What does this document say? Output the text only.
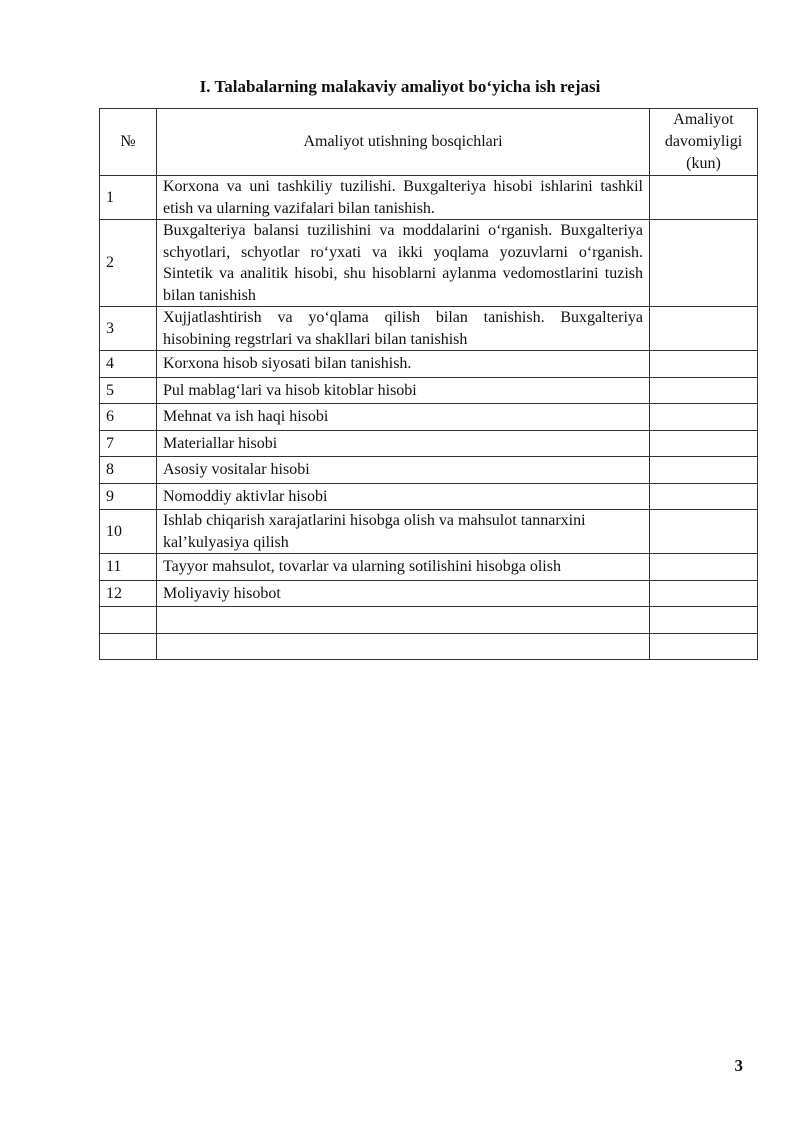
I. Talabalarning malakaviy amaliyot bo‘yicha ish rejasi
№	Amaliyot utishning bosqichlari	Amaliyot davomiyligi (kun)
1	Korxona va uni tashkiliy tuzilishi. Buxgalteriya hisobi ishlarini tashkil etish va ularning vazifalari bilan tanishish.	
2	Buxgalteriya balansi tuzilishini va moddalarini o‘rganish. Buxgalteriya schyotlari, schyotlar ro‘yxati va ikki yoqlama yozuvlarni o‘rganish. Sintetik va analitik hisobi, shu hisoblarni aylanma vedomostlarini tuzish bilan tanishish	
3	Xujjatlashtirish va yo‘qlama qilish bilan tanishish. Buxgalteriya hisobining regstrlari va shakllari bilan tanishish	
4	Korxona hisob siyosati bilan tanishish.	
5	Pul mablag‘lari va hisob kitoblar hisobi	
6	Mehnat va ish haqi hisobi	
7	Materiallar hisobi	
8	Asosiy vositalar hisobi	
9	Nomoddiy aktivlar hisobi	
10	Ishlab chiqarish xarajatlarini hisobga olish va mahsulot tannarxini kal’kulyasiya qilish	
11	Tayyor mahsulot, tovarlar va ularning sotilishini hisobga olish	
12	Moliyaviy hisobot	

3
